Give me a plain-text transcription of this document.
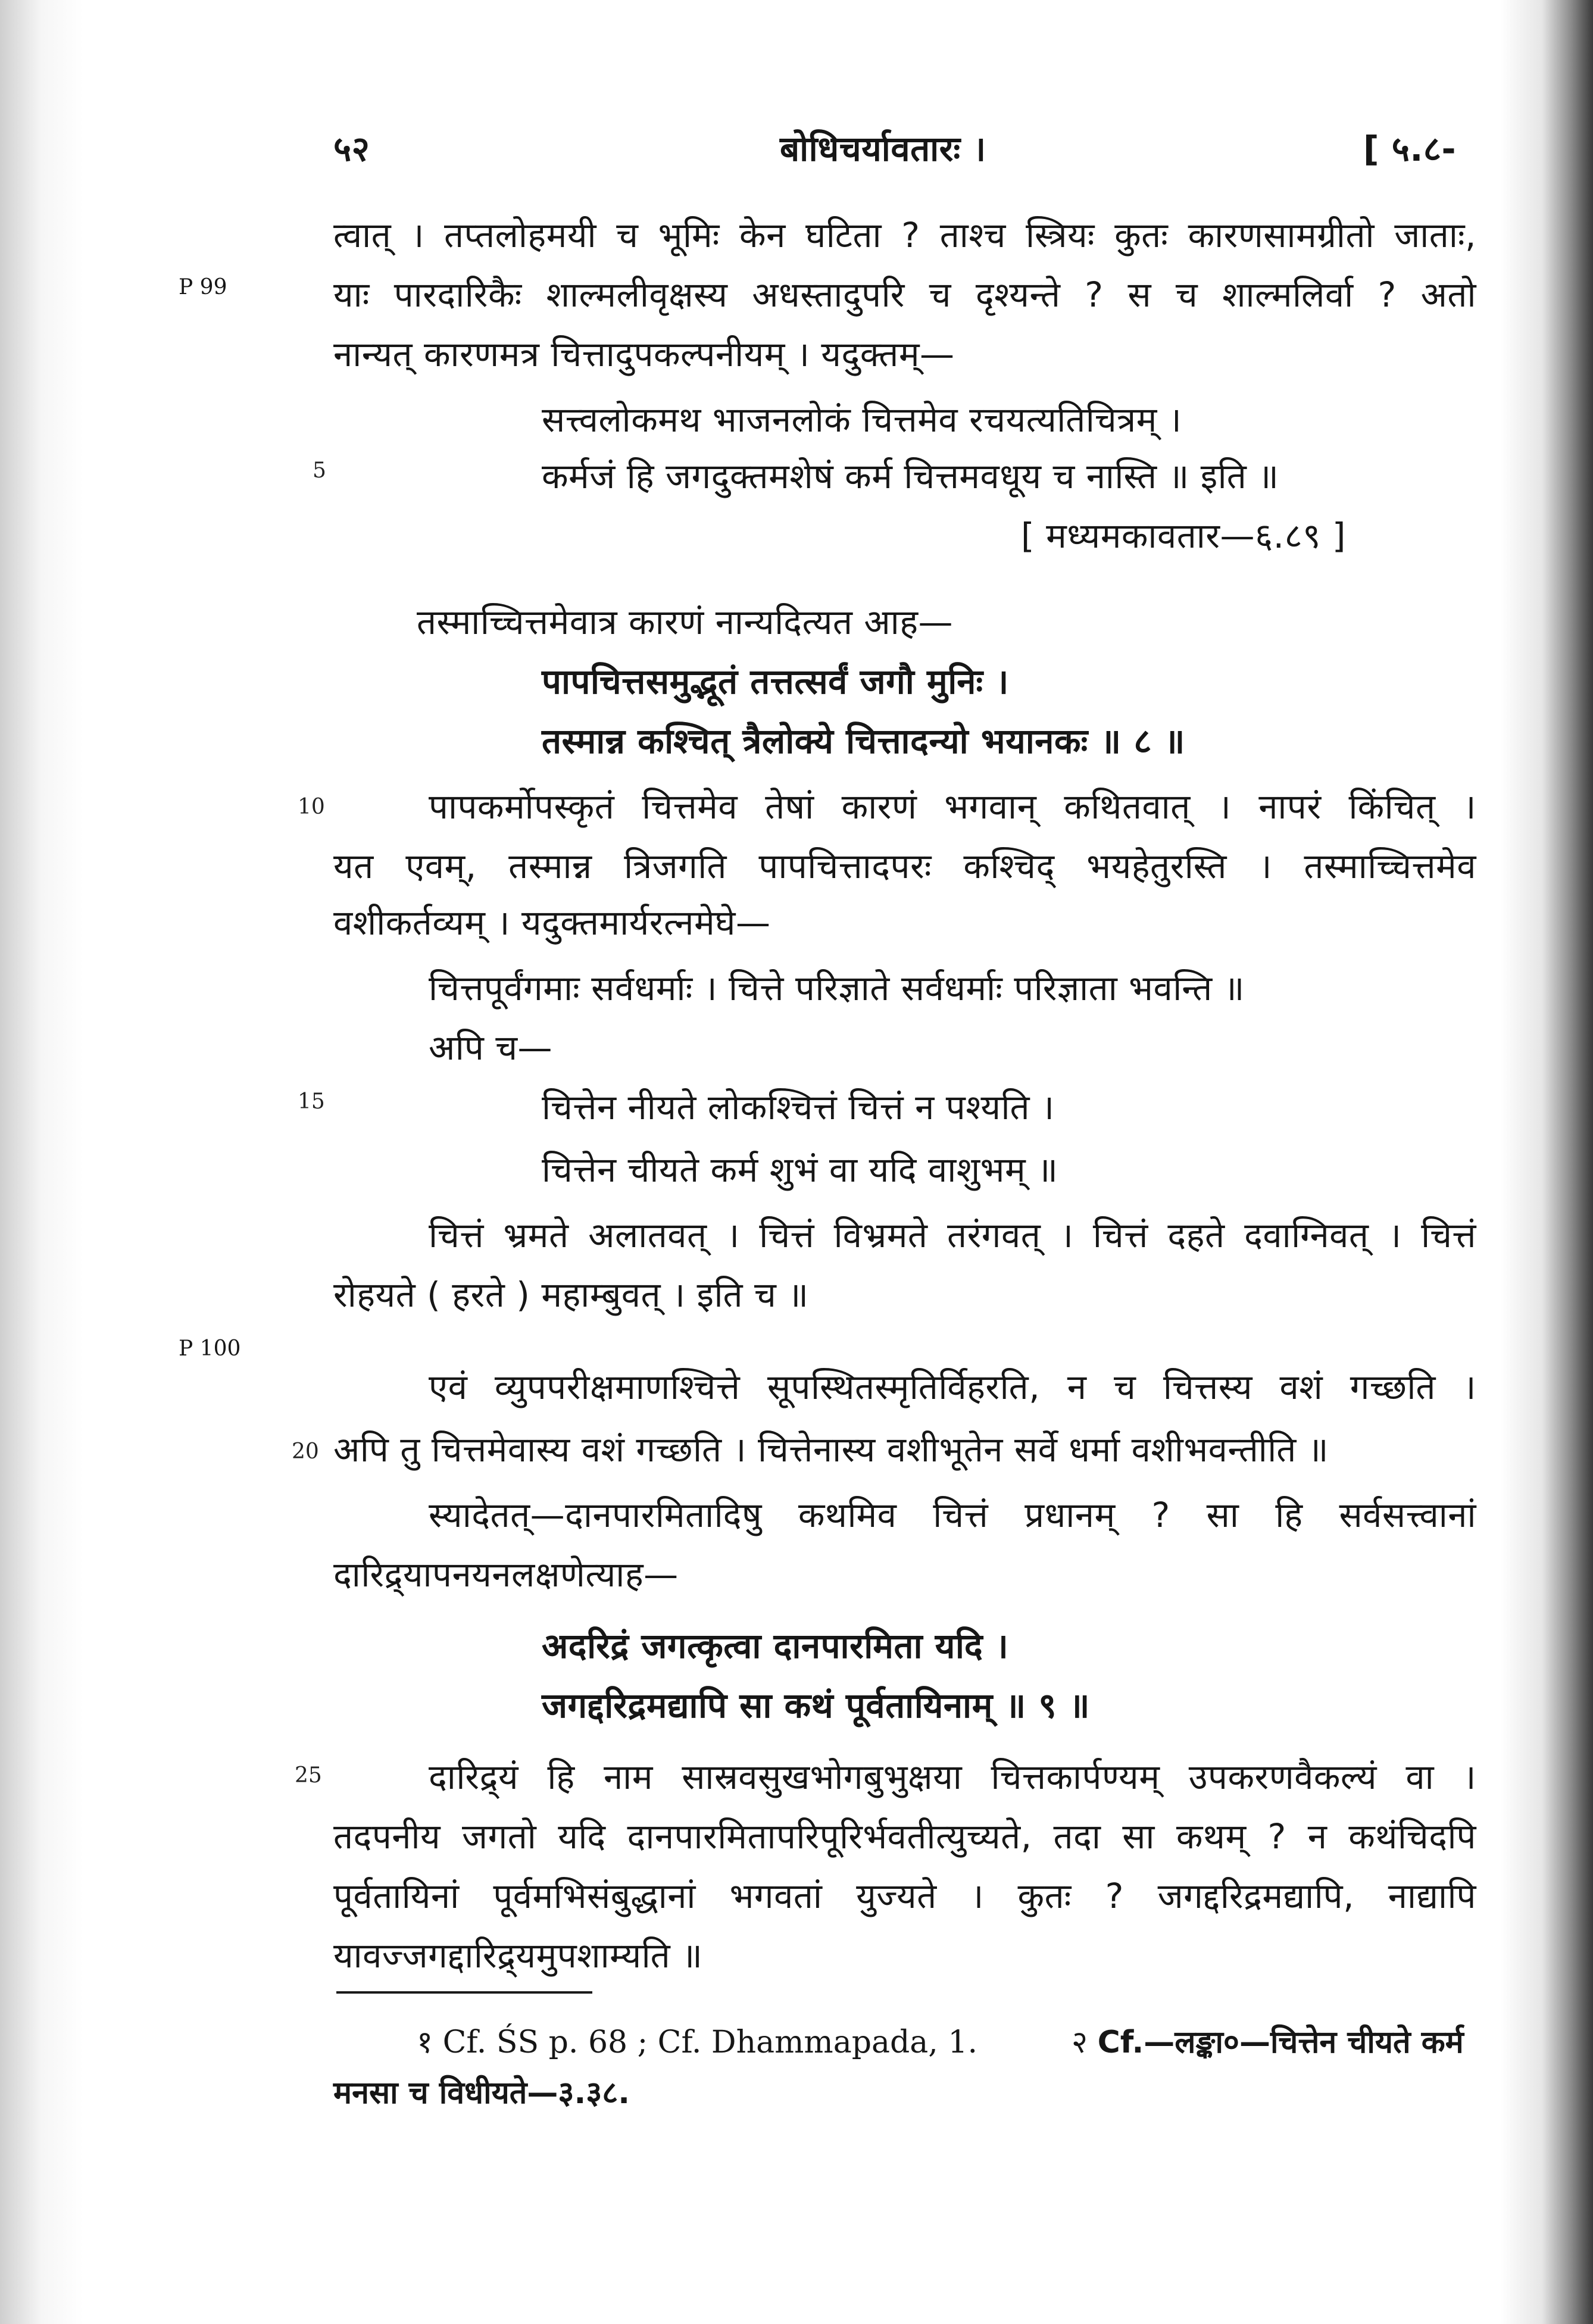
५२	बोधिचर्यावतारः ।	[ ५.८-
P 99
P 100
5
10
15
20
25
त्वात् । तप्तलोहमयी च भूमिः केन घटिता ? ताश्च स्त्रियः कुतः कारणसामग्रीतो जाताः,
याः पारदारिकैः शाल्मलीवृक्षस्य अधस्तादुपरि च दृश्यन्ते ? स च शाल्मलिर्वा ? अतो
नान्यत् कारणमत्र चित्तादुपकल्पनीयम् । यदुक्तम्—
सत्त्वलोकमथ भाजनलोकं चित्तमेव रचयत्यतिचित्रम् ।
कर्मजं हि जगदुक्तमशेषं कर्म चित्तमवधूय च नास्ति ॥ इति ॥
[ मध्यमकावतार—६.८९ ]
तस्माच्चित्तमेवात्र कारणं नान्यदित्यत आह—
पापचित्तसमुद्भूतं तत्तत्सर्वं जगौ मुनिः ।
तस्मान्न कश्चित् त्रैलोक्ये चित्तादन्यो भयानकः ॥ ८ ॥
पापकर्मोपस्कृतं चित्तमेव तेषां कारणं भगवान् कथितवात् । नापरं किंचित् ।
यत एवम्, तस्मान्न त्रिजगति पापचित्तादपरः कश्चिद् भयहेतुरस्ति । तस्माच्चित्तमेव
वशीकर्तव्यम् । यदुक्तमार्यरत्नमेघे—
चित्तपूर्वंगमाः सर्वधर्माः । चित्ते परिज्ञाते सर्वधर्माः परिज्ञाता भवन्ति ॥
अपि च—
चित्तेन नीयते लोकश्चित्तं चित्तं न पश्यति ।
चित्तेन चीयते कर्म शुभं वा यदि वाशुभम् ॥
चित्तं भ्रमते अलातवत् । चित्तं विभ्रमते तरंगवत् । चित्तं दहते दवाग्निवत् । चित्तं
रोहयते ( हरते ) महाम्बुवत् । इति च ॥
एवं व्युपपरीक्षमाणश्चित्ते सूपस्थितस्मृतिर्विहरति, न च चित्तस्य वशं गच्छति ।
अपि तु चित्तमेवास्य वशं गच्छति । चित्तेनास्य वशीभूतेन सर्वे धर्मा वशीभवन्तीति ॥
स्यादेतत्—दानपारमितादिषु कथमिव चित्तं प्रधानम् ? सा हि सर्वसत्त्वानां
दारिद्र्यापनयनलक्षणेत्याह—
अदरिद्रं जगत्कृत्वा दानपारमिता यदि ।
जगद्दरिद्रमद्यापि सा कथं पूर्वतायिनाम् ॥ ९ ॥
दारिद्र्यं हि नाम सास्रवसुखभोगबुभुक्षया चित्तकार्पण्यम् उपकरणवैकल्यं वा ।
तदपनीय जगतो यदि दानपारमितापरिपूरिर्भवतीत्युच्यते, तदा सा कथम् ? न कथंचिदपि
पूर्वतायिनां पूर्वमभिसंबुद्धानां भगवतां युज्यते । कुतः ? जगद्दरिद्रमद्यापि, नाद्यापि
यावज्जगद्दारिद्र्यमुपशाम्यति ॥
१ Cf. ŚS p. 68 ; Cf. Dhammapada, 1.	२ Cf.—लङ्का०—चित्तेन चीयते कर्म
मनसा च विधीयते—३.३८.
